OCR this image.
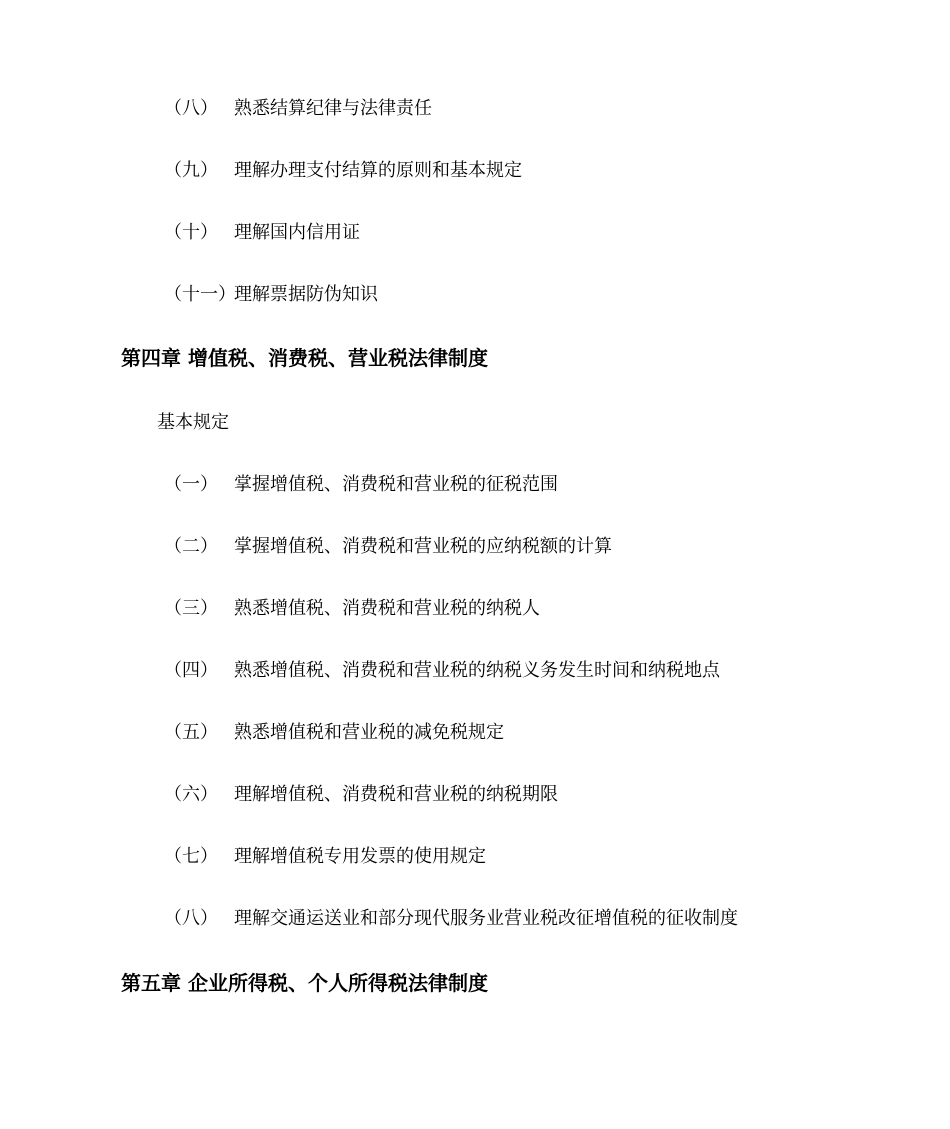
（八） 熟悉结算纪律与法律责任
（九） 理解办理支付结算的原则和基本规定
（十） 理解国内信用证
（十一）
理解票据防伪知识
第四章 增值税、消费税、营业税法律制度
基本规定
（一） 掌握增值税、消费税和营业税的征税范围
（二） 掌握增值税、消费税和营业税的应纳税额的计算
（三） 熟悉增值税、消费税和营业税的纳税人
（四） 熟悉增值税、消费税和营业税的纳税义务发生时间和纳税地点
（五） 熟悉增值税和营业税的减免税规定
（六） 理解增值税、消费税和营业税的纳税期限
（七） 理解增值税专用发票的使用规定
（八） 理解交通运送业和部分现代服务业营业税改征增值税的征收制度
第五章 企业所得税、个人所得税法律制度
